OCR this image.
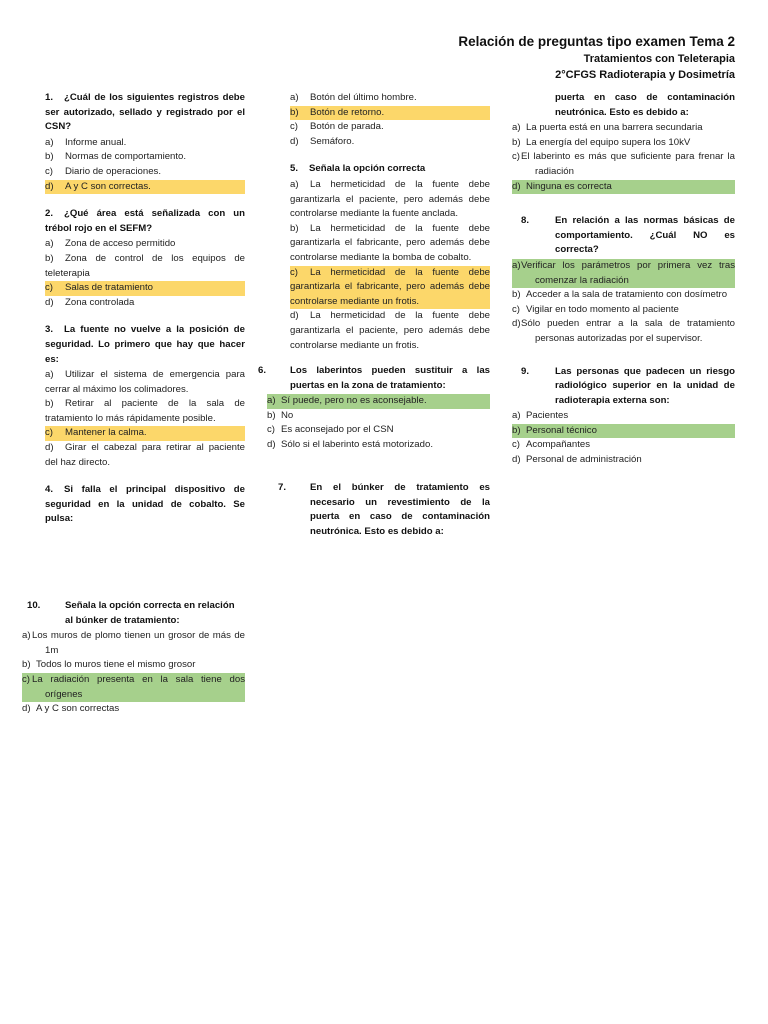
Relación de preguntas tipo examen Tema 2
Tratamientos con Teleterapia
2°CFGS Radioterapia y Dosimetría
1. ¿Cuál de los siguientes registros debe ser autorizado, sellado y registrado por el CSN?
a) Informe anual.
b) Normas de comportamiento.
c) Diario de operaciones.
d) A y C son correctas.
2. ¿Qué área está señalizada con un trébol rojo en el SEFM?
a) Zona de acceso permitido
b) Zona de control de los equipos de teleterapia
c) Salas de tratamiento
d) Zona controlada
3. La fuente no vuelve a la posición de seguridad. Lo primero que hay que hacer es:
a) Utilizar el sistema de emergencia para cerrar al máximo los colimadores.
b) Retirar al paciente de la sala de tratamiento lo más rápidamente posible.
c) Mantener la calma.
d) Girar el cabezal para retirar al paciente del haz directo.
4. Si falla el principal dispositivo de seguridad en la unidad de cobalto. Se pulsa:
a) Botón del último hombre.
b) Botón de retorno.
c) Botón de parada.
d) Semáforo.
5. Señala la opción correcta
a) La hermeticidad de la fuente debe garantizarla el paciente, pero además debe controlarse mediante la fuente anclada.
b) La hermeticidad de la fuente debe garantizarla el fabricante, pero además debe controlarse mediante la bomba de cobalto.
c) La hermeticidad de la fuente debe garantizarla el fabricante, pero además debe controlarse mediante un frotis.
d) La hermeticidad de la fuente debe garantizarla el paciente, pero además debe controlarse mediante un frotis.
6. Los laberintos pueden sustituir a las puertas en la zona de tratamiento:
a) Sí puede, pero no es aconsejable.
b) No
c) Es aconsejado por el CSN
d) Sólo si el laberinto está motorizado.
7. En el búnker de tratamiento es necesario un revestimiento de la puerta en caso de contaminación neutrónica. Esto es debido a:
puerta en caso de contaminación neutrónica. Esto es debido a:
a) La puerta está en una barrera secundaria
b) La energía del equipo supera los 10kV
c)El laberinto es más que suficiente para frenar la radiación
d) Ninguna es correcta
8.	En relación a las normas básicas de comportamiento. ¿Cuál NO es correcta?
a)Verificar los parámetros por primera vez tras comenzar la radiación
b) Acceder a la sala de tratamiento con dosímetro
c) Vigilar en todo momento al paciente
d)Sólo pueden entrar a la sala de tratamiento personas autorizadas por el supervisor.
9.	Las personas que padecen un riesgo radiológico superior en la unidad de radioterapia externa son:
a) Pacientes
b) Personal técnico
c) Acompañantes
d) Personal de administración
10.	Señala la opción correcta en relación al búnker de tratamiento:
a)Los muros de plomo tienen un grosor de más de 1m
b) Todos lo muros tiene el mismo grosor
c) La radiación presenta en la sala tiene dos orígenes
d) A y C son correctas
